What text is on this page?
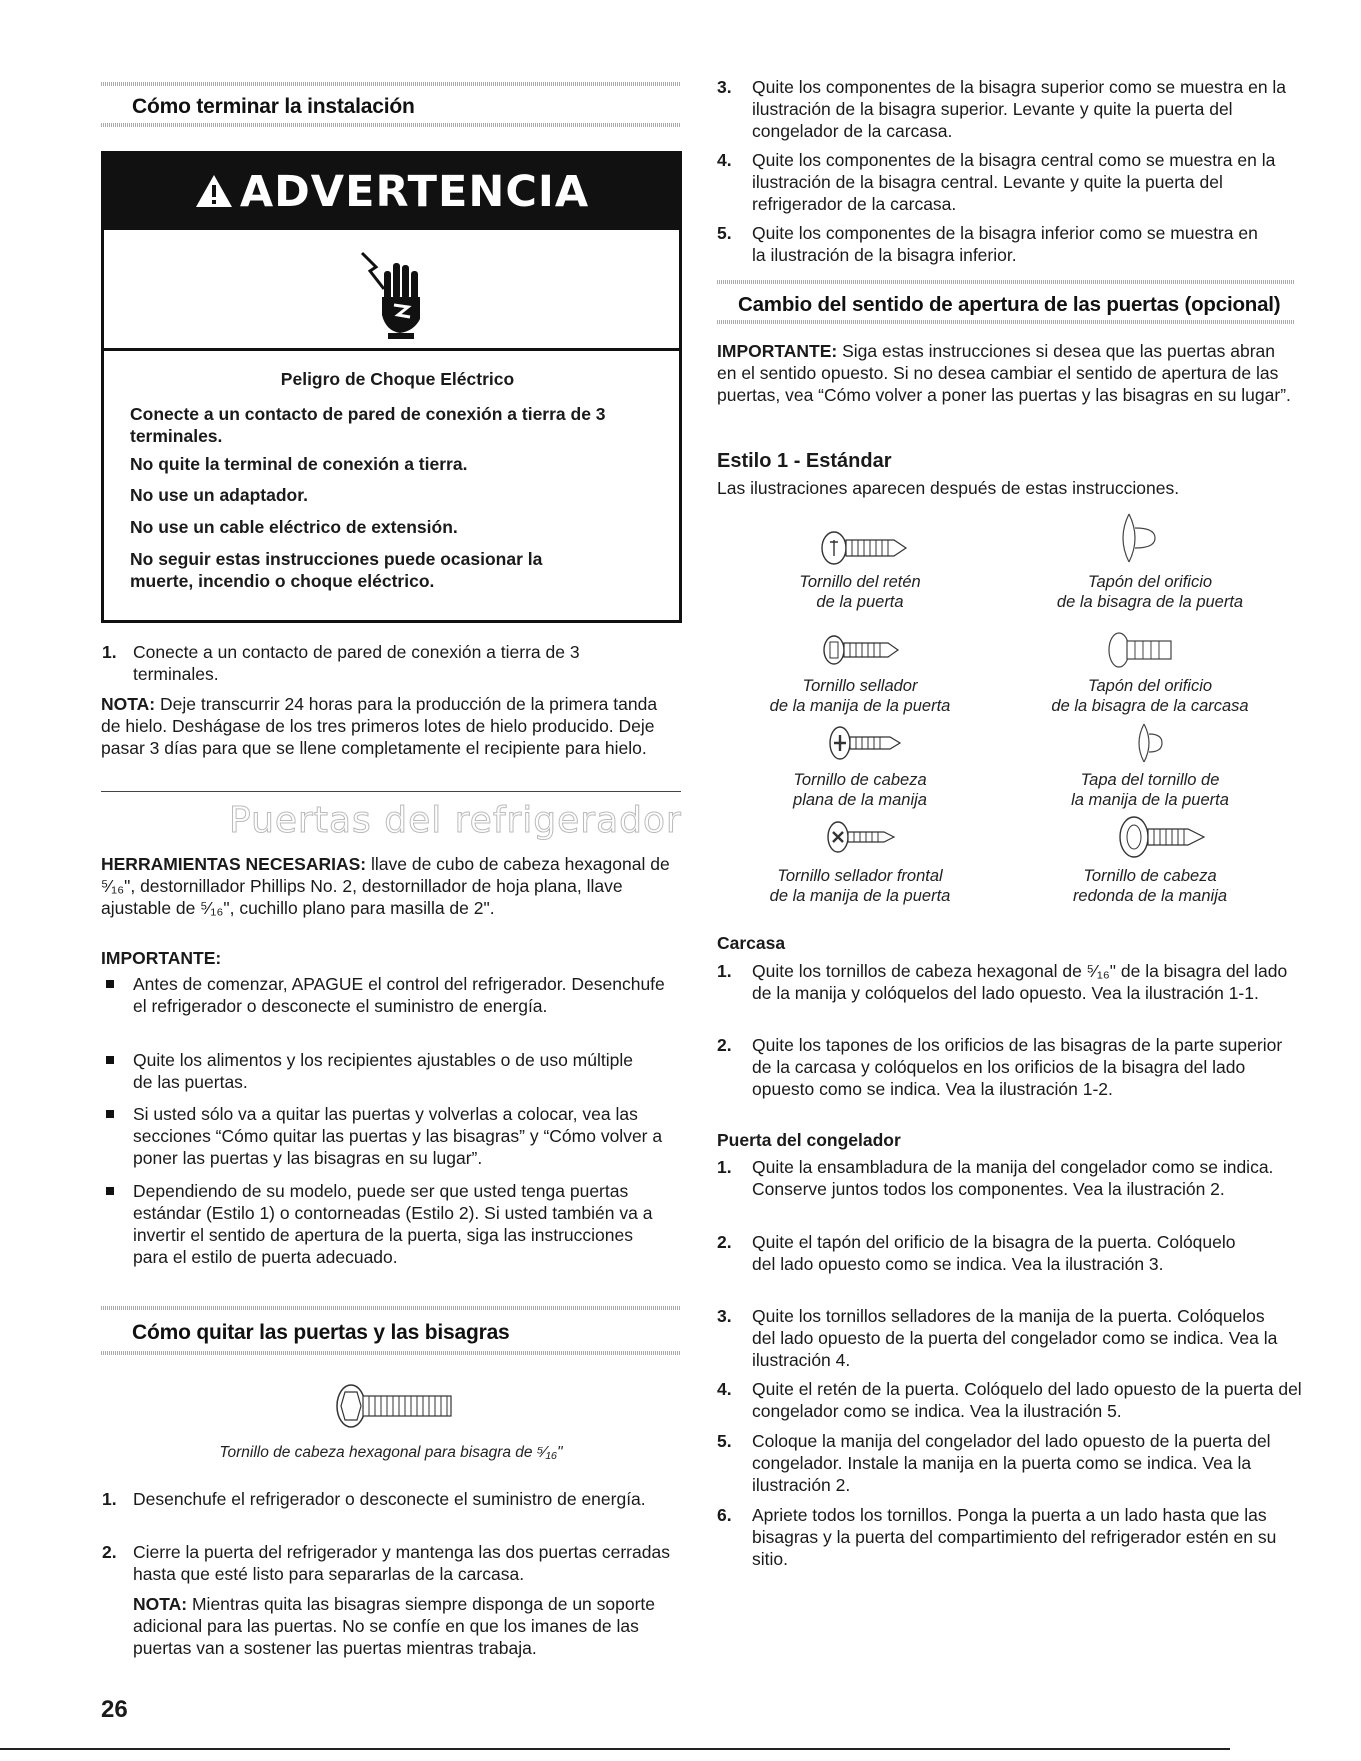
Cómo terminar la instalación
ADVERTENCIA
Peligro de Choque Eléctrico
Conecte a un contacto de pared de conexión a tierra de 3 terminales.
No quite la terminal de conexión a tierra.
No use un adaptador.
No use un cable eléctrico de extensión.
No seguir estas instrucciones puede ocasionar la muerte, incendio o choque eléctrico.
1. Conecte a un contacto de pared de conexión a tierra de 3 terminales.
NOTA: Deje transcurrir 24 horas para la producción de la primera tanda de hielo. Deshágase de los tres primeros lotes de hielo producido. Deje pasar 3 días para que se llene completamente el recipiente para hielo.
Puertas del refrigerador
HERRAMIENTAS NECESARIAS: llave de cubo de cabeza hexagonal de ⁵⁄₁₆", destornillador Phillips No. 2, destornillador de hoja plana, llave ajustable de ⁵⁄₁₆", cuchillo plano para masilla de 2".
IMPORTANTE:
Antes de comenzar, APAGUE el control del refrigerador. Desenchufe el refrigerador o desconecte el suministro de energía.
Quite los alimentos y los recipientes ajustables o de uso múltiple de las puertas.
Si usted sólo va a quitar las puertas y volverlas a colocar, vea las secciones “Cómo quitar las puertas y las bisagras” y “Cómo volver a poner las puertas y las bisagras en su lugar”.
Dependiendo de su modelo, puede ser que usted tenga puertas estándar (Estilo 1) o contorneadas (Estilo 2). Si usted también va a invertir el sentido de apertura de la puerta, siga las instrucciones para el estilo de puerta adecuado.
Cómo quitar las puertas y las bisagras
Tornillo de cabeza hexagonal para bisagra de ⁵⁄₁₆"
1. Desenchufe el refrigerador o desconecte el suministro de energía.
2. Cierre la puerta del refrigerador y mantenga las dos puertas cerradas hasta que esté listo para separarlas de la carcasa.
NOTA: Mientras quita las bisagras siempre disponga de un soporte adicional para las puertas. No se confíe en que los imanes de las puertas van a sostener las puertas mientras trabaja.
26
3. Quite los componentes de la bisagra superior como se muestra en la ilustración de la bisagra superior. Levante y quite la puerta del congelador de la carcasa.
4. Quite los componentes de la bisagra central como se muestra en la ilustración de la bisagra central. Levante y quite la puerta del refrigerador de la carcasa.
5. Quite los componentes de la bisagra inferior como se muestra en la ilustración de la bisagra inferior.
Cambio del sentido de apertura de las puertas (opcional)
IMPORTANTE: Siga estas instrucciones si desea que las puertas abran en el sentido opuesto. Si no desea cambiar el sentido de apertura de las puertas, vea “Cómo volver a poner las puertas y las bisagras en su lugar”.
Estilo 1 - Estándar
Las ilustraciones aparecen después de estas instrucciones.
Tornillo del retén
de la puerta
Tapón del orificio
de la bisagra de la puerta
Tornillo sellador
de la manija de la puerta
Tapón del orificio
de la bisagra de la carcasa
Tornillo de cabeza
plana de la manija
Tapa del tornillo de
la manija de la puerta
Tornillo sellador frontal
de la manija de la puerta
Tornillo de cabeza
redonda de la manija
Carcasa
1. Quite los tornillos de cabeza hexagonal de ⁵⁄₁₆" de la bisagra del lado de la manija y colóquelos del lado opuesto. Vea la ilustración 1-1.
2. Quite los tapones de los orificios de las bisagras de la parte superior de la carcasa y colóquelos en los orificios de la bisagra del lado opuesto como se indica. Vea la ilustración 1-2.
Puerta del congelador
1. Quite la ensambladura de la manija del congelador como se indica. Conserve juntos todos los componentes. Vea la ilustración 2.
2. Quite el tapón del orificio de la bisagra de la puerta. Colóquelo del lado opuesto como se indica. Vea la ilustración 3.
3. Quite los tornillos selladores de la manija de la puerta. Colóquelos del lado opuesto de la puerta del congelador como se indica. Vea la ilustración 4.
4. Quite el retén de la puerta. Colóquelo del lado opuesto de la puerta del congelador como se indica. Vea la ilustración 5.
5. Coloque la manija del congelador del lado opuesto de la puerta del congelador. Instale la manija en la puerta como se indica. Vea la ilustración 2.
6. Apriete todos los tornillos. Ponga la puerta a un lado hasta que las bisagras y la puerta del compartimiento del refrigerador estén en su sitio.
